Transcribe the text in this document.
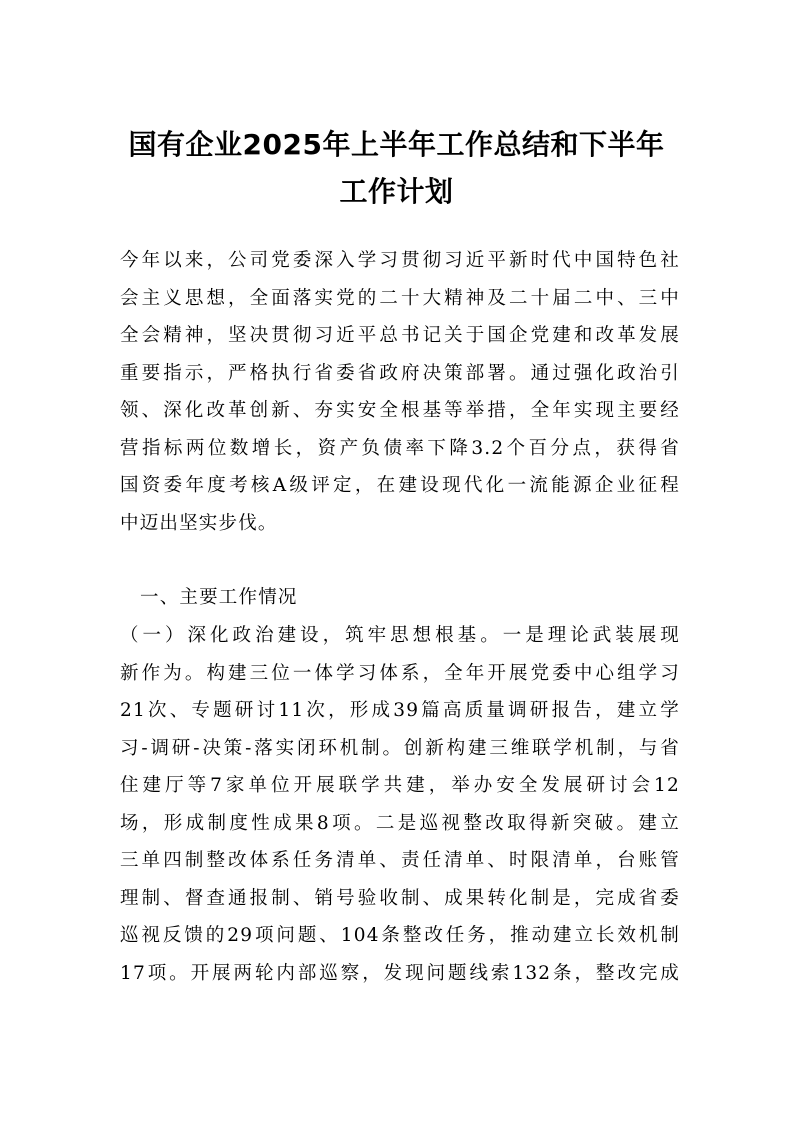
国有企业2025年上半年工作总结和下半年
工作计划
今年以来，公司党委深入学习贯彻习近平新时代中国特色社
会主义思想，全面落实党的二十大精神及二十届二中、三中
全会精神，坚决贯彻习近平总书记关于国企党建和改革发展
重要指示，严格执行省委省政府决策部署。通过强化政治引
领、深化改革创新、夯实安全根基等举措，全年实现主要经
营指标两位数增长，资产负债率下降3.2个百分点，获得省
国资委年度考核A级评定，在建设现代化一流能源企业征程
中迈出坚实步伐。
一、主要工作情况
（一）深化政治建设，筑牢思想根基。一是理论武装展现
新作为。构建三位一体学习体系，全年开展党委中心组学习
21次、专题研讨11次，形成39篇高质量调研报告，建立学
习-调研-决策-落实闭环机制。创新构建三维联学机制，与省
住建厅等7家单位开展联学共建，举办安全发展研讨会12
场，形成制度性成果8项。二是巡视整改取得新突破。建立
三单四制整改体系任务清单、责任清单、时限清单，台账管
理制、督查通报制、销号验收制、成果转化制是，完成省委
巡视反馈的29项问题、104条整改任务，推动建立长效机制
17项。开展两轮内部巡察，发现问题线索132条，整改完成
